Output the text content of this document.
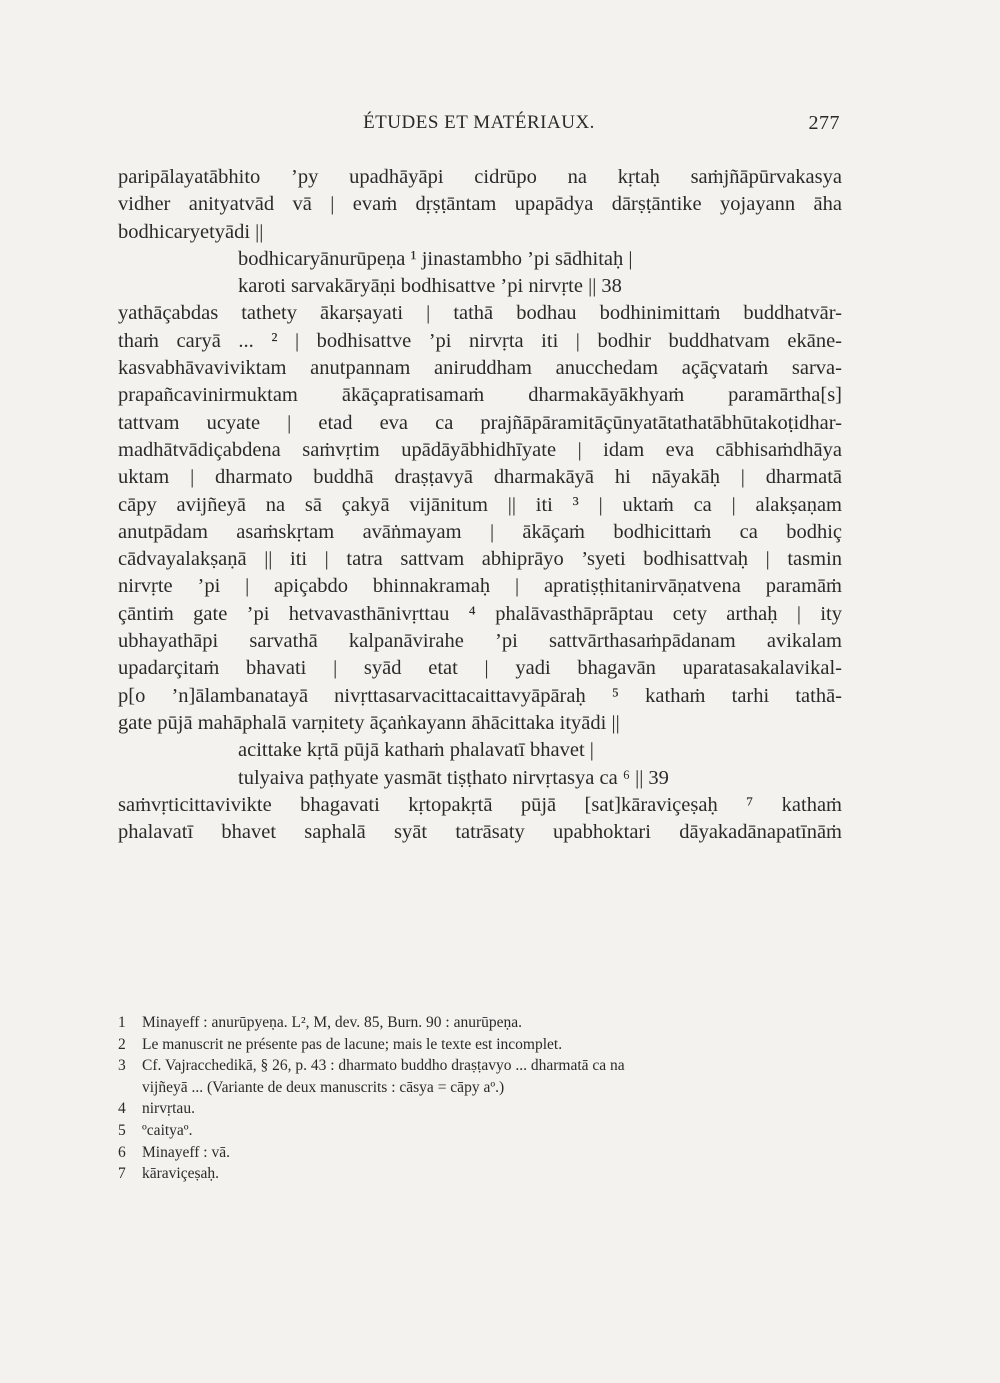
ÉTUDES ET MATÉRIAUX.	277
paripālayatābhito ’py upadhāyāpi cidrūpo na kṛtaḥ saṁjñāpūrvakasya
vidher anityatvād vā | evaṁ dṛṣṭāntam upapādya dārṣṭāntike yojayann āha
bodhicaryetyādi ||
bodhicaryānurūpeṇa ¹ jinastambho ’pi sādhitaḥ |
karoti sarvakāryāṇi bodhisattve ’pi nirvṛte || 38
yathāçabdas tathety ākarṣayati | tathā bodhau bodhinimittaṁ buddhatvār-
thaṁ caryā ... ² | bodhisattve ’pi nirvṛta iti | bodhir buddhatvam ekāne-
kasvabhāvaviviktam anutpannam aniruddham anucchedam açāçvataṁ sarva-
prapañcavinirmuktam ākāçapratisamaṁ dharmakāyākhyaṁ paramārtha[s]
tattvam ucyate | etad eva ca prajñāpāramitāçūnyatātathatābhūtakoṭidhar-
madhātvādiçabdena saṁvṛtim upādāyābhidhīyate | idam eva cābhisaṁdhāya
uktam | dharmato buddhā draṣṭavyā dharmakāyā hi nāyakāḥ | dharmatā
cāpy avijñeyā na sā çakyā vijānitum || iti ³ | uktaṁ ca | alakṣaṇam
anutpādam asaṁskṛtam avāṅmayam | ākāçaṁ bodhicittaṁ ca bodhiç
cādvayalakṣaṇā || iti | tatra sattvam abhiprāyo ’syeti bodhisattvaḥ | tasmin
nirvṛte ’pi | apiçabdo bhinnakramaḥ | apratiṣṭhitanirvāṇatvena paramāṁ
çāntiṁ gate ’pi hetvavasthānivṛttau ⁴ phalāvasthāprāptau cety arthaḥ | ity
ubhayathāpi sarvathā kalpanāvirahe ’pi sattvārthasaṁpādanam avikalam
upadarçitaṁ bhavati | syād etat | yadi bhagavān uparatasakalavikal-
p[o ’n]ālambanatayā nivṛttasarvacittacaittavyāpāraḥ ⁵ kathaṁ tarhi tathā-
gate pūjā mahāphalā varṇitety āçaṅkayann āhācittaka ityādi ||
acittake kṛtā pūjā kathaṁ phalavatī bhavet |
tulyaiva paṭhyate yasmāt tiṣṭhato nirvṛtasya ca ⁶ || 39
saṁvṛticittavivikte bhagavati kṛtopakṛtā pūjā [sat]kāraviçeṣaḥ ⁷ kathaṁ
phalavatī bhavet saphalā syāt tatrāsaty upabhoktari dāyakadānapatīnāṁ
1 Minayeff : anurūpyeṇa. L², M, dev. 85, Burn. 90 : anurūpeṇa.
2 Le manuscrit ne présente pas de lacune; mais le texte est incomplet.
3 Cf. Vajracchedikā, § 26, p. 43 : dharmato buddho draṣṭavyo ... dharmatā ca na
vijñeyā ... (Variante de deux manuscrits : cāsya = cāpy aº.)
4 nirvṛtau.
5 ºcaityaº.
6 Minayeff : vā.
7 kāraviçeṣaḥ.
